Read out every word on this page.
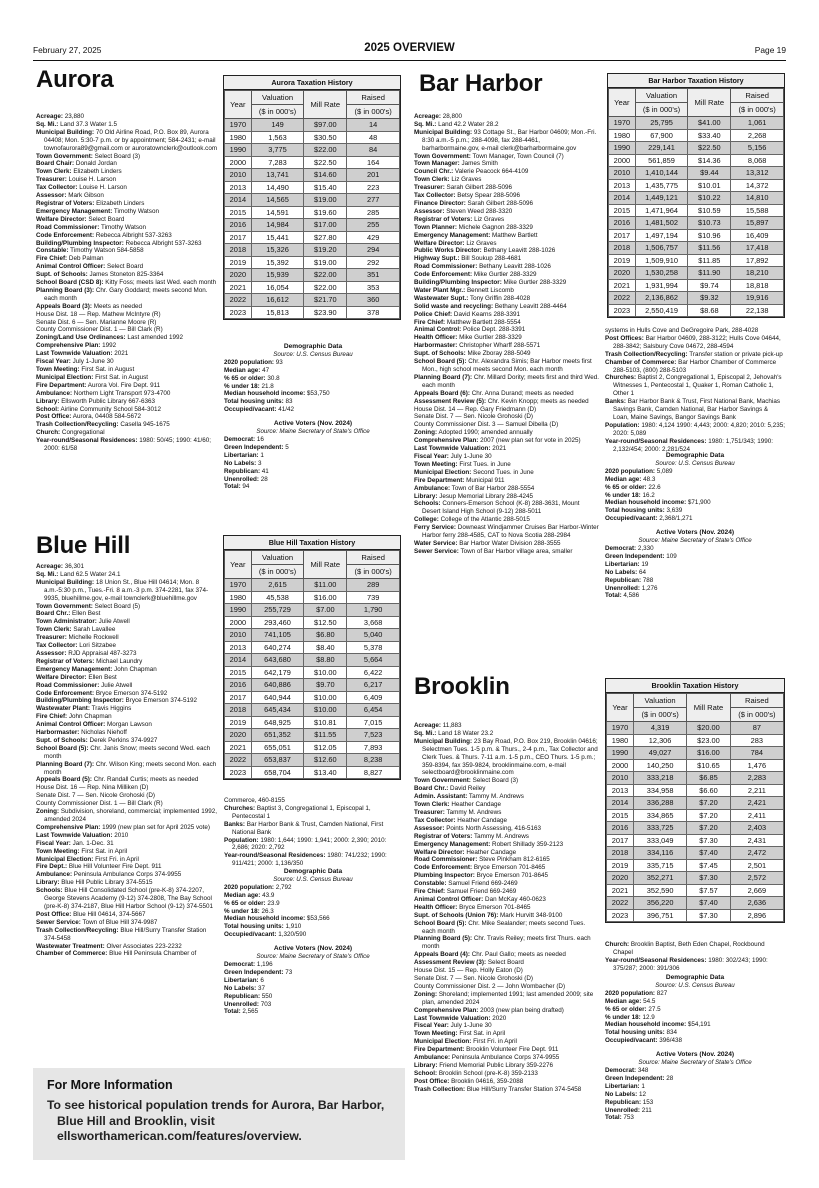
February 27, 2025	2025 OVERVIEW	Page 19
Aurora	Bar Harbor
Blue Hill
Brooklin

Acreage: 23,880

Sq. Mi.: Land 37.3 Water 1.5

Municipal Building: 70 Old Airline Road, P.O. Box 89, Aurora 04408; Mon. 5:30-7 p.m. or by appointment; 584-2431; e-mail townofaurora89@gmail.com or auroratownclerk@outlook.com

Town Government: Select Board (3)

Board Chair: Donald Jordan

Town Clerk: Elizabeth Linders

Treasurer: Louise H. Larson

Tax Collector: Louise H. Larson

Assessor: Mark Gibson

Registrar of Voters: Elizabeth Linders

Emergency Management: Timothy Watson

Welfare Director: Select Board

Road Commissioner: Timothy Watson

Code Enforcement: Rebecca Albright 537-3263

Building/Plumbing Inspector: Rebecca Albright 537-3263

Constable: Timothy Watson 584-5858

Fire Chief: Deb Palman

Animal Control Officer: Select Board

Supt. of Schools: James Stoneton 825-3364

School Board (CSD 8): Kitty Foss; meets last Wed. each month

Planning Board (3): Chr. Gary Goddard; meets second Mon. each month

Appeals Board (3): Meets as needed

House Dist. 18 — Rep. Mathew McIntyre (R)

Senate Dist. 6 — Sen. Marianne Moore (R)

County Commissioner Dist. 1 — Bill Clark (R)

Zoning/Land Use Ordinances: Last amended 1992

Comprehensive Plan: 1992

Last Townwide Valuation: 2021

Fiscal Year: July 1-June 30

Town Meeting: First Sat. in August

Municipal Election: First Sat. in August

Fire Department: Aurora Vol. Fire Dept. 911

Ambulance: Northern Light Transport 973-4700

Library: Ellsworth Public Library 667-6363

School: Airline Community School 584-3012

Post Office: Aurora, 04408 584-5672

Trash Collection/Recycling: Casella 945-1675

Church: Congregational

Year-round/Seasonal Residences: 1980: 50/45; 1990: 41/60; 2000: 61/58

Aurora Taxation History
Year	Valuation	Mill Rate	Raised
	($ in 000's)		($ in 000's)
1970	149	$97.00	14
1980	1,563	$30.50	48
1990	3,775	$22.00	84
2000	7,283	$22.50	164
2010	13,741	$14.60	201
2013	14,490	$15.40	223
2014	14,565	$19.00	277
2015	14,591	$19.60	285
2016	14,984	$17.00	255
2017	15,441	$27.80	429
2018	15,326	$19.20	294
2019	15,392	$19.00	292
2020	15,939	$22.00	351
2021	16,054	$22.00	353
2022	16,612	$21.70	360
2023	15,813	$23.90	378
Demographic Data
Source: U.S. Census Bureau

2020 population: 93

Median age: 47

% 65 or older: 30.8

% under 18: 21.8

Median household income: $53,750

Total housing units: 83

Occupied/vacant: 41/42

Active Voters (Nov. 2024)
Source: Maine Secretary of State's Office

Democrat: 16

Green Independent: 5

Libertarian: 1

No Labels: 3

Republican: 41

Unenrolled: 28

Total: 94

Acreage: 36,301

Sq. Mi.: Land 62.5 Water 24.1

Municipal Building: 18 Union St., Blue Hill 04614; Mon. 8 a.m.-5:30 p.m., Tues.-Fri. 8 a.m.-3 p.m. 374-2281, fax 374-9935, bluehillme.gov, e-mail townclerk@bluehillme.gov

Town Government: Select Board (5)

Board Chr.: Ellen Best

Town Administrator: Julie Atwell

Town Clerk: Sarah Lavallee

Treasurer: Michelle Rockwell

Tax Collector: Lori Sitzabee

Assessor: RJD Appraisal 487-3273

Registrar of Voters: Michael Laundry

Emergency Management: John Chapman

Welfare Director: Ellen Best

Road Commissioner: Julie Atwell

Code Enforcement: Bryce Emerson 374-5192

Building/Plumbing Inspector: Bryce Emerson 374-5192

Wastewater Plant: Travis Higgins

Fire Chief: John Chapman

Animal Control Officer: Morgan Lawson

Harbormaster: Nicholas Niehoff

Supt. of Schools: Derek Perkins 374-9927

School Board (5): Chr. Janis Snow; meets second Wed. each month

Planning Board (7): Chr. Wilson King; meets second Mon. each month

Appeals Board (5): Chr. Randall Curtis; meets as needed

House Dist. 16 — Rep. Nina Milliken (D)

Senate Dist. 7 — Sen. Nicole Grohoski (D)

County Commissioner Dist. 1 — Bill Clark (R)

Zoning: Subdivision, shoreland, commercial; implemented 1992, amended 2024

Comprehensive Plan: 1999 (new plan set for April 2025 vote)

Last Townwide Valuation: 2010

Fiscal Year: Jan. 1-Dec. 31

Town Meeting: First Sat. in April

Municipal Election: First Fri. in April

Fire Dept.: Blue Hill Volunteer Fire Dept. 911

Ambulance: Peninsula Ambulance Corps 374-9955

Library: Blue Hill Public Library 374-5515

Schools: Blue Hill Consolidated School (pre-K-8) 374-2207, George Stevens Academy (9-12) 374-2808, The Bay School (pre-K-8) 374-2187, Blue Hill Harbor School (9-12) 374-5501

Post Office: Blue Hill 04614, 374-5667

Sewer Service: Town of Blue Hill 374-9987

Trash Collection/Recycling: Blue Hill/Surry Transfer Station 374-5458

Wastewater Treatment: Olver Associates 223-2232

Chamber of Commerce: Blue Hill Peninsula Chamber of

Blue Hill Taxation History
Year	Valuation	Mill Rate	Raised
	($ in 000's)		($ in 000's)
1970	2,615	$11.00	289
1980	45,538	$16.00	739
1990	255,729	$7.00	1,790
2000	293,460	$12.50	3,668
2010	741,105	$6.80	5,040
2013	640,274	$8.40	5,378
2014	643,680	$8.80	5,664
2015	642,179	$10.00	6,422
2016	640,886	$9.70	6,217
2017	640,944	$10.00	6,409
2018	645,434	$10.00	6,454
2019	648,925	$10.81	7,015
2020	651,352	$11.55	7,523
2021	655,051	$12.05	7,893
2022	653,837	$12.60	8,238
2023	658,704	$13.40	8,827

Commerce, 460-8155

Churches: Baptist 3, Congregational 1, Episcopal 1, Pentecostal 1

Banks: Bar Harbor Bank & Trust, Camden National, First National Bank

Population: 1980: 1,644; 1990: 1,941; 2000: 2,390; 2010: 2,686; 2020: 2,792

Year-round/Seasonal Residences: 1980: 741/232; 1990: 911/421; 2000: 1,136/350

Demographic Data
Source: U.S. Census Bureau

2020 population: 2,792

Median age: 43.9

% 65 or older: 23.9

% under 18: 26.3

Median household income: $53,566

Total housing units: 1,910

Occupied/vacant: 1,320/590

Active Voters (Nov. 2024)
Source: Maine Secretary of State's Office

Democrat: 1,196

Green Independent: 73

Libertarian: 6

No Labels: 37

Republican: 550

Unenrolled: 703

Total: 2,565

Acreage: 28,800

Sq. Mi.: Land 42.2 Water 28.2

Municipal Building: 93 Cottage St., Bar Harbor 04609; Mon.-Fri. 8:30 a.m.-5 p.m.; 288-4098, fax 288-4461, barharbormaine.gov, e-mail clerk@barharbormaine.gov

Town Government: Town Manager, Town Council (7)

Town Manager: James Smith

Council Chr.: Valerie Peacock 664-4109

Town Clerk: Liz Graves

Treasurer: Sarah Gilbert 288-5096

Tax Collector: Betsy Spear 288-5096

Finance Director: Sarah Gilbert 288-5096

Assessor: Steven Weed 288-3320

Registrar of Voters: Liz Graves

Town Planner: Michele Gagnon 288-3329

Emergency Management: Matthew Bartlett

Welfare Director: Liz Graves

Public Works Director: Bethany Leavitt 288-1026

Highway Supt.: Bill Soukup 288-4681

Road Commissioner: Bethany Leavitt 288-1026

Code Enforcement: Mike Gurtler 288-3329

Building/Plumbing Inspector: Mike Gurtler 288-3329

Water Plant Mgr.: Bennett Liscomb

Wastewater Supt.: Tony Griffin 288-4028

Solid waste and recycling: Bethany Leavitt 288-4464

Police Chief: David Kearns 288-3391

Fire Chief: Matthew Bartlett 288-5554

Animal Control: Police Dept. 288-3391

Health Officer: Mike Gurtler 288-3329

Harbormaster: Christopher Wharff 288-5571

Supt. of Schools: Mike Zboray 288-5049

School Board (5): Chr. Alexandra Simis; Bar Harbor meets first Mon., high school meets second Mon. each month

Planning Board (7): Chr. Millard Dority; meets first and third Wed. each month

Appeals Board (6): Chr. Anna Durand; meets as needed

Assessment Review (5): Chr. Kevin Knopp; meets as needed

House Dist. 14 — Rep. Gary Friedmann (D)

Senate Dist. 7 — Sen. Nicole Grohoski (D)

County Commissioner Dist. 3 — Samuel Dibella (D)

Zoning: Adopted 1990; amended annually

Comprehensive Plan: 2007 (new plan set for vote in 2025)

Last Townwide Valuation: 2021

Fiscal Year: July 1-June 30

Town Meeting: First Tues. in June

Municipal Election: Second Tues. in June

Fire Department: Municipal 911

Ambulance: Town of Bar Harbor 288-5554

Library: Jesup Memorial Library 288-4245

Schools: Conners-Emerson School (K-8) 288-3631, Mount Desert Island High School (9-12) 288-5011

College: College of the Atlantic 288-5015

Ferry Service: Downeast Windjammer Cruises Bar Harbor-Winter Harbor ferry 288-4585, CAT to Nova Scotia 288-2984

Water Service: Bar Harbor Water Division 288-3555

Sewer Service: Town of Bar Harbor village area, smaller

Bar Harbor Taxation History
Year	Valuation	Mill Rate	Raised
	($ in 000's)		($ in 000's)
1970	25,795	$41.00	1,061
1980	67,900	$33.40	2,268
1990	229,141	$22.50	5,156
2000	561,859	$14.36	8,068
2010	1,410,144	$9.44	13,312
2013	1,435,775	$10.01	14,372
2014	1,449,121	$10.22	14,810
2015	1,471,964	$10.59	15,588
2016	1,481,502	$10.73	15,897
2017	1,497,194	$10.96	16,409
2018	1,506,757	$11.56	17,418
2019	1,509,910	$11.85	17,892
2020	1,530,258	$11.90	18,210
2021	1,931,994	$9.74	18,818
2022	2,136,862	$9.32	19,916
2023	2,550,419	$8.68	22,138

systems in Hulls Cove and DeGregoire Park, 288-4028

Post Offices: Bar Harbor 04609, 288-3122; Hulls Cove 04644, 288-3842; Salsbury Cove 04672, 288-4594

Trash Collection/Recycling: Transfer station or private pick-up

Chamber of Commerce: Bar Harbor Chamber of Commerce 288-5103, (800) 288-5103

Churches: Baptist 2, Congregational 1, Episcopal 2, Jehovah's Witnesses 1, Pentecostal 1, Quaker 1, Roman Catholic 1, Other 1

Banks: Bar Harbor Bank & Trust, First National Bank, Machias Savings Bank, Camden National, Bar Harbor Savings & Loan, Maine Savings, Bangor Savings Bank

Population: 1980: 4,124 1990: 4,443; 2000: 4,820; 2010: 5,235; 2020: 5,089

Year-round/Seasonal Residences: 1980: 1,751/343; 1990: 2,132/454; 2000: 2,281/524

Demographic Data
Source: U.S. Census Bureau

2020 population: 5,089

Median age: 48.3

% 65 or older: 22.6

% under 18: 16.2

Median household income: $71,900

Total housing units: 3,639

Occupied/vacant: 2,368/1,271

Active Voters (Nov. 2024)
Source: Maine Secretary of State's Office

Democrat: 2,330

Green Independent: 109

Libertarian: 19

No Labels: 64

Republican: 788

Unenrolled: 1,276

Total: 4,586

Acreage: 11,883

Sq. Mi.: Land 18 Water 23.2

Municipal Building: 23 Bay Road, P.O. Box 219, Brooklin 04616; Selectmen Tues. 1-5 p.m. & Thurs., 2-4 p.m., Tax Collector and Clerk Tues. & Thurs. 7-11 a.m. 1-5 p.m., CEO Thurs. 1-5 p.m.; 359-8394, fax 359-9824, brooklinmaine.com, e-mail selectboard@brooklinmaine.com

Town Government: Select Board (3)

Board Chr.: David Reiley

Admin. Assistant: Tammy M. Andrews

Town Clerk: Heather Candage

Treasurer: Tammy M. Andrews

Tax Collector: Heather Candage

Assessor: Points North Assessing, 416-5163

Registrar of Voters: Tammy M. Andrews

Emergency Management: Robert Shillady 359-2123

Welfare Director: Heather Candage

Road Commissioner: Steve Pinkham 812-6165

Code Enforcement: Bryce Emerson 701-8465

Plumbing Inspector: Bryce Emerson 701-8645

Constable: Samuel Friend 669-2469

Fire Chief: Samuel Friend 669-2469

Animal Control Officer: Dan McKay 460-0623

Health Officer: Bryce Emerson 701-8465

Supt. of Schools (Union 76): Mark Hurvitt 348-9100

School Board (5): Chr. Mike Sealander; meets second Tues. each month

Planning Board (5): Chr. Travis Reiley; meets first Thurs. each month

Appeals Board (4): Chr. Paul Gallo; meets as needed

Assessment Review (3): Select Board

House Dist. 15 — Rep. Holly Eaton (D)

Senate Dist. 7 — Sen. Nicole Grohoski (D)

County Commissioner Dist. 2 — John Wombacher (D)

Zoning: Shoreland; implemented 1991; last amended 2009; site plan, amended 2024

Comprehensive Plan: 2003 (new plan being drafted)

Last Townwide Valuation: 2020

Fiscal Year: July 1-June 30

Town Meeting: First Sat. in April

Municipal Election: First Fri. in April

Fire Department: Brooklin Volunteer Fire Dept. 911

Ambulance: Peninsula Ambulance Corps 374-9955

Library: Friend Memorial Public Library 359-2276

School: Brooklin School (pre-K-8) 359-2133

Post Office: Brooklin 04616, 359-2088

Trash Collection: Blue Hill/Surry Transfer Station 374-5458

Brooklin Taxation History
Year	Valuation	Mill Rate	Raised
	($ in 000's)		($ in 000's)
1970	4,319	$20.00	87
1980	12,306	$23.00	283
1990	49,027	$16.00	784
2000	140,250	$10.65	1,476
2010	333,218	$6.85	2,283
2013	334,958	$6.60	2,211
2014	336,288	$7.20	2,421
2015	334,865	$7.20	2,411
2016	333,725	$7.20	2,403
2017	333,049	$7.30	2,431
2018	334,116	$7.40	2,472
2019	335,715	$7.45	2,501
2020	352,271	$7.30	2,572
2021	352,590	$7.57	2,669
2022	356,220	$7.40	2,636
2023	396,751	$7.30	2,896

Church: Brooklin Baptist, Beth Eden Chapel, Rockbound Chapel

Year-round/Seasonal Residences: 1980: 302/243; 1990: 375/287; 2000: 391/306

Demographic Data
Source: U.S. Census Bureau

2020 population: 827

Median age: 54.5

% 65 or older: 27.5

% under 18: 12.9

Median household income: $54,191

Total housing units: 834

Occupied/vacant: 396/438

Active Voters (Nov. 2024)
Source: Maine Secretary of State's Office

Democrat: 348

Green Independent: 28

Libertarian: 1

No Labels: 12

Republican: 153

Unenrolled: 211

Total: 753

For More Information

To see historical population trends for Aurora, Bar Harbor, Blue Hill and Brooklin, visit ellsworthamerican.com/features/overview.
